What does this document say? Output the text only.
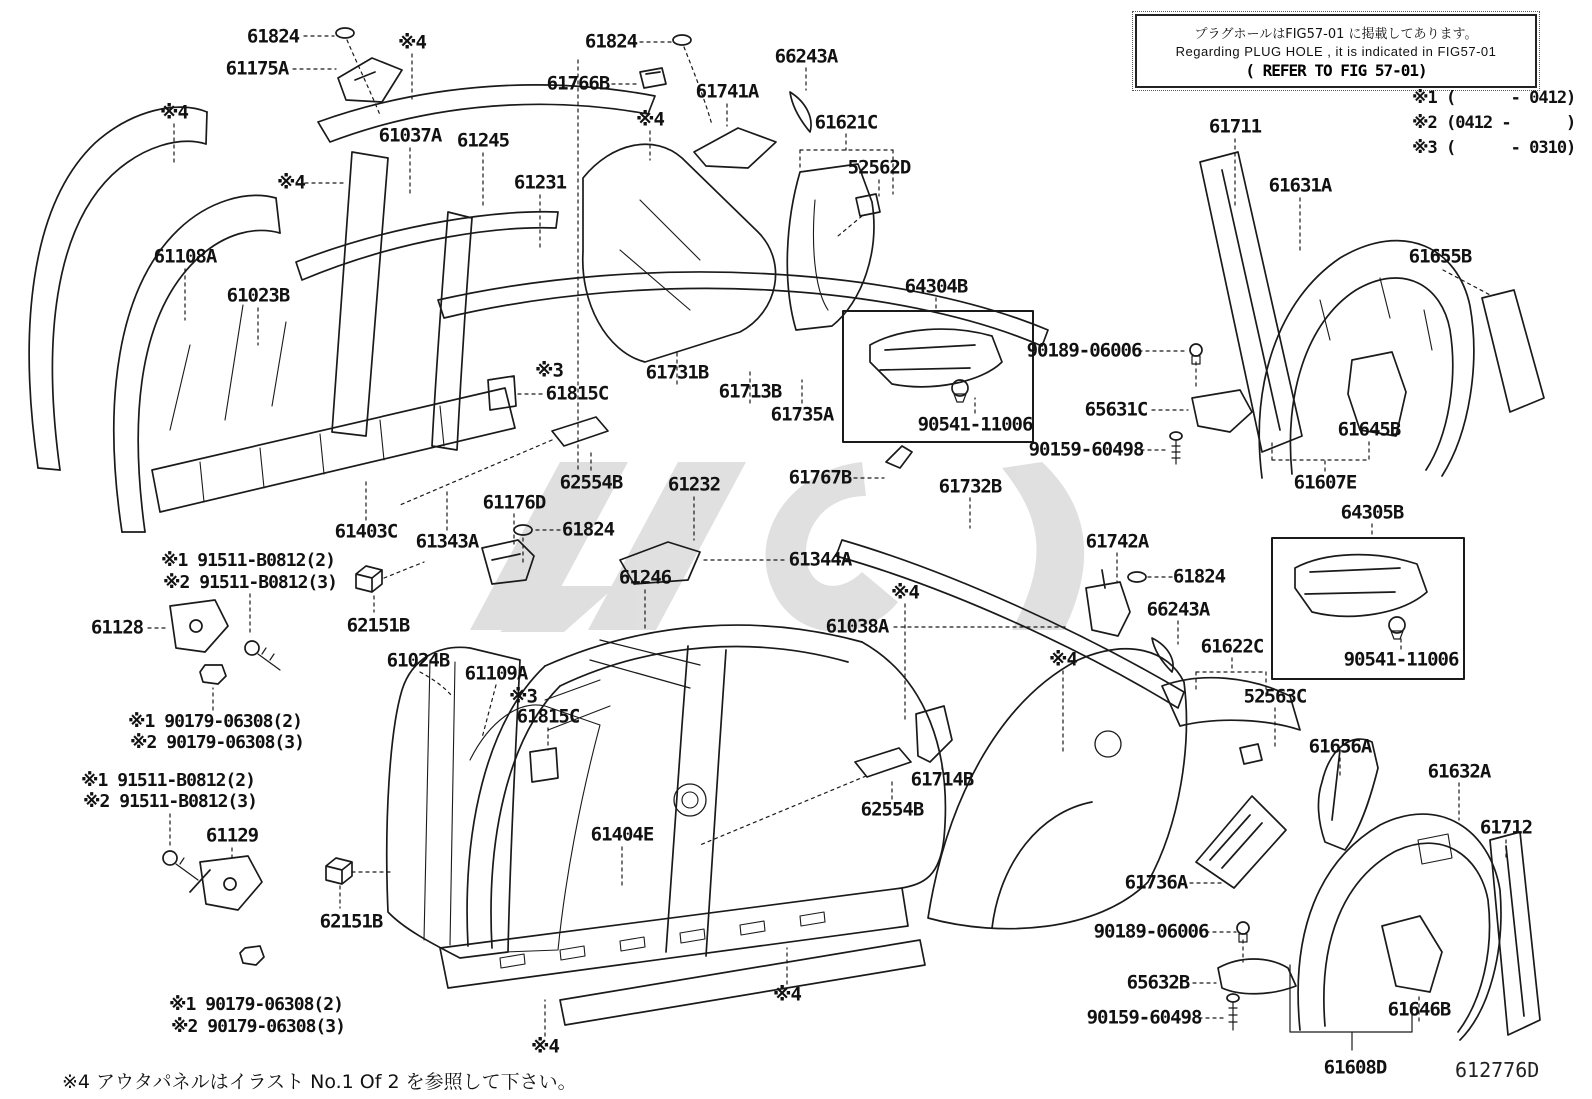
プラグホールはFIG57-01 に掲載してあります。
Regarding PLUG HOLE , it is indicated in FIG57-01
( REFER TO FIG 57-01)
※1 (      - 0412)
※2 (0412 -      )
※3 (      - 0310)
61824
61175A
※4
※4
61037A 61245
※4	61231
61108A
61023B
61824
61766B
66243A
61741A
61621C
52562D
※4	61711
61631A
61655B
64304B
90189-06006
65631C
90541-11006
90159-60498
61645B
61607E
64305B
61731B
61713B
61735A
※3
61815C
62554B 61232	61767B	61732B
61176D
61824
61344A
61246
61038A
※4
61742A
61824
66243A
61622C
※4
52563C
90541-11006
61403C 61343A
※1 91511-B0812(2)
※2 91511-B0812(3)
61128	62151B
61024B
61109A
※3
61815C
※1 90179-06308(2)
※2 90179-06308(3)
※1 91511-B0812(2)
※2 91511-B0812(3)
61129
62151B
61404E
61714B
62554B
61736A
90189-06006
65632B
90159-60498	61646B
61608D
61656A
61632A
61712
※1 90179-06308(2)
※2 90179-06308(3)
※4
※4
※4 アウタパネルはイラスト No.1 Of 2 を参照して下さい。	612776D
